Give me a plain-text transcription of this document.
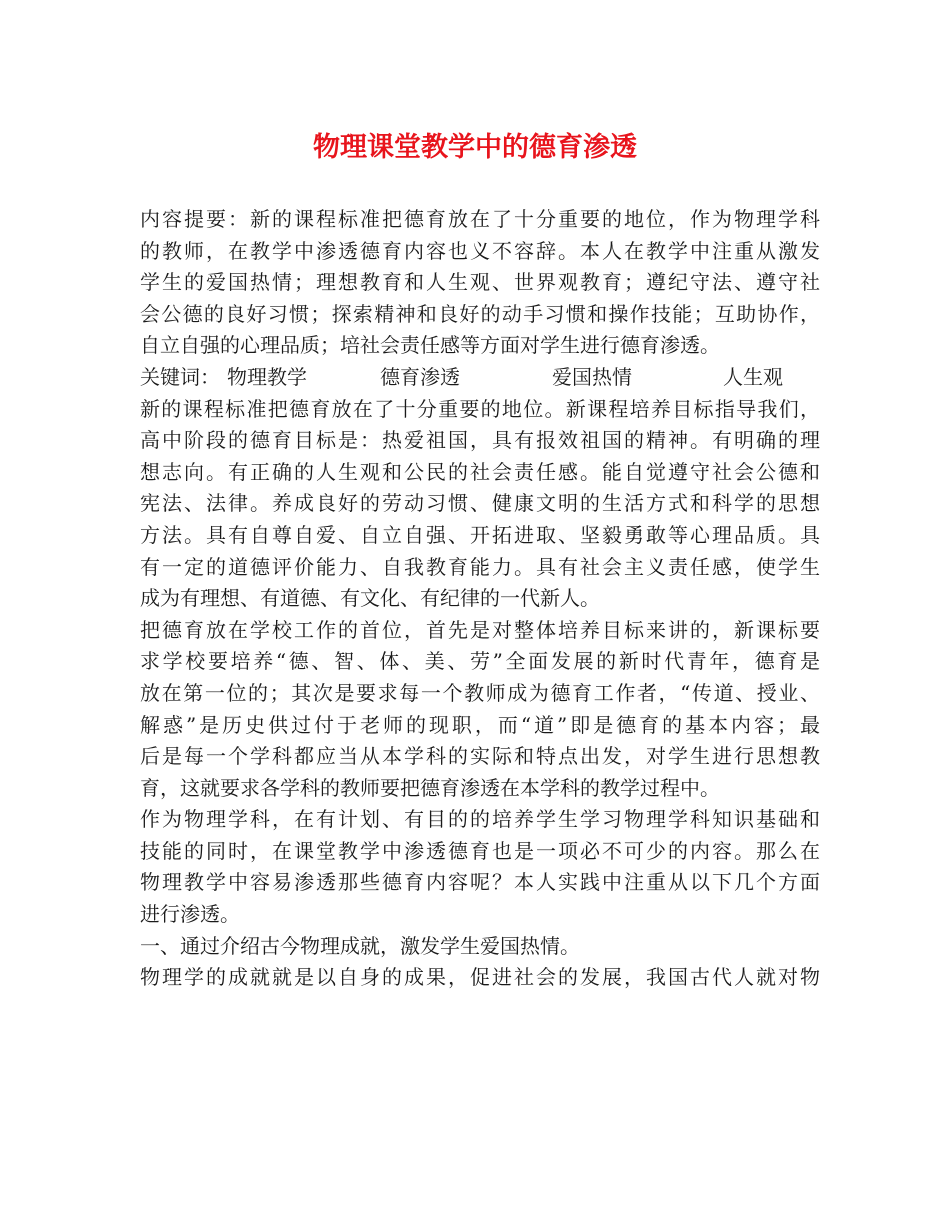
物理课堂教学中的德育渗透
内容提要：新的课程标准把德育放在了十分重要的地位，作为物理学科
的教师，在教学中渗透德育内容也义不容辞。本人在教学中注重从激发
学生的爱国热情；理想教育和人生观、世界观教育；遵纪守法、遵守社
会公德的良好习惯；探索精神和良好的动手习惯和操作技能；互助协作，
自立自强的心理品质；培社会责任感等方面对学生进行德育渗透。
关键词： 物理教学	德育渗透	爱国热情	人生观
新的课程标准把德育放在了十分重要的地位。新课程培养目标指导我们，
高中阶段的德育目标是：热爱祖国，具有报效祖国的精神。有明确的理
想志向。有正确的人生观和公民的社会责任感。能自觉遵守社会公德和
宪法、法律。养成良好的劳动习惯、健康文明的生活方式和科学的思想
方法。具有自尊自爱、自立自强、开拓进取、坚毅勇敢等心理品质。具
有一定的道德评价能力、自我教育能力。具有社会主义责任感，使学生
成为有理想、有道德、有文化、有纪律的一代新人。
把德育放在学校工作的首位，首先是对整体培养目标来讲的，新课标要
求学校要培养“德、智、体、美、劳”全面发展的新时代青年，德育是
放在第一位的；其次是要求每一个教师成为德育工作者，“传道、授业、
解惑”是历史供过付于老师的现职，而“道”即是德育的基本内容；最
后是每一个学科都应当从本学科的实际和特点出发，对学生进行思想教
育，这就要求各学科的教师要把德育渗透在本学科的教学过程中。
作为物理学科，在有计划、有目的的培养学生学习物理学科知识基础和
技能的同时，在课堂教学中渗透德育也是一项必不可少的内容。那么在
物理教学中容易渗透那些德育内容呢？本人实践中注重从以下几个方面
进行渗透。
一、通过介绍古今物理成就，激发学生爱国热情。
物理学的成就就是以自身的成果，促进社会的发展，我国古代人就对物
